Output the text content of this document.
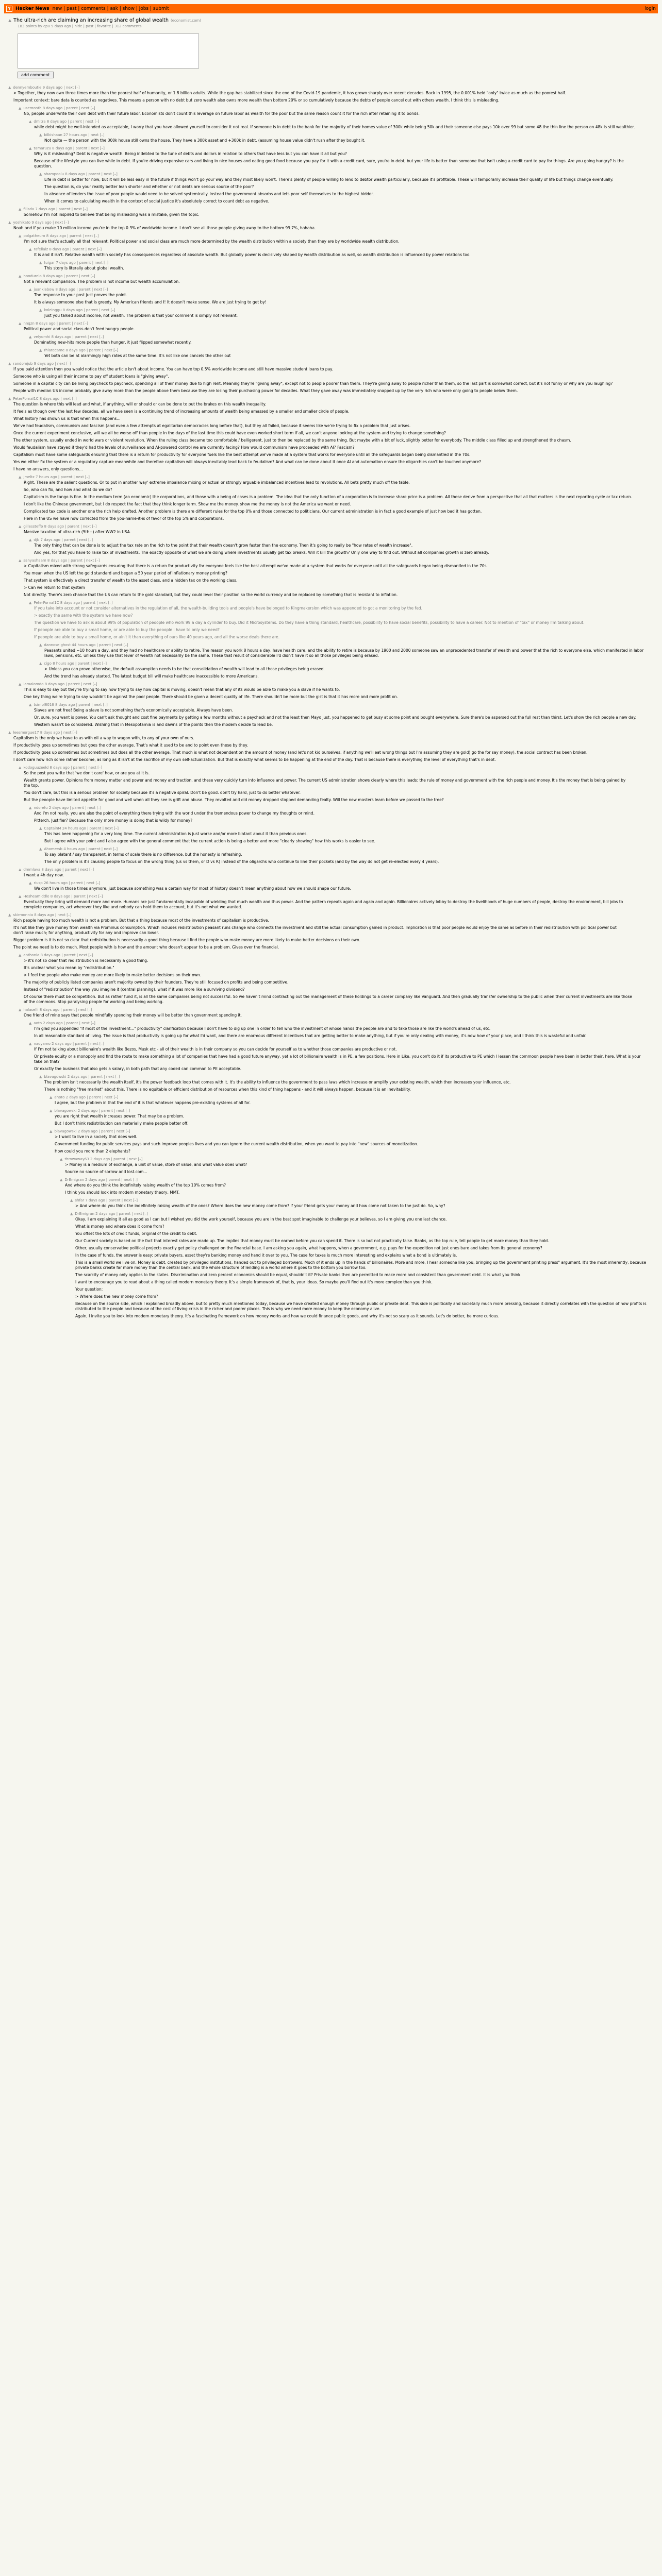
Y	Hacker News new | past | comments | ask | show | jobs | submit	login
▲ The ultra-rich are claiming an increasing share of global wealth (economist.com)
183 points by cpu 9 days ago | hide | past | favorite | 312 comments
add comment
▲ dennyemboutie 9 days ago | next [–]

> Together, they now own three times more than the poorest half of humanity, or 1.8 billion adults. While the gap has stabilized since the end of the Covid-19 pandemic, it has grown sharply over recent decades. Back in 1995, the 0.001% held "only" twice as much as the poorest half.

Important context: bare data is counted as negatives. This means a person with no debt but zero wealth also owns more wealth than bottom 20% or so cumulatively because the debts of people cancel out with others wealth. I think this is misleading.

▲ usemonth 8 days ago | parent | next [–]

No, people underwrite their own debt with their future labor. Economists don't count this leverage on future labor as wealth for the poor but the same reason count it for the rich after retaining it to bonds.

▲ dmitra 8 days ago | parent | next [–]

while debt might be well-intended as acceptable, I worry that you have allowed yourself to consider it not real. If someone is in debt to the bank for the majority of their homes value of 300k while being 50k and their someone else pays 10k over 99 but some 48 the thin line the person on 48k is still wealthier.

▲ bilkishaan 27 hours ago | next [–]

Not quite — the person with the 300k house still owns the house. They have a 300k asset and +300k in debt. (assuming house value didn't rush after they bought it.

▲ tamaruzu 8 days ago | parent | next [–]

Why is it misleading? Debt is negative wealth. Being indebted to the tune of debts and dollars in relation to others that have less but you can have it all but you?

Because of the lifestyle you can live while in debt. If you're driving expensive cars and living in nice houses and eating good food because you pay for it with a credit card, sure, you're in debt, but your life is better than someone that isn't using a credit card to pay for things. Are you going hungry? Is the question.

▲ shampoolu 8 days ago | parent | next [–]

Life in debt is better for now, but it will be less easy in the future if things won't go your way and they most likely won't. There's plenty of people willing to lend to debtor wealth particularly, because it's profitable. These will temporarily increase their quality of life but things change eventually.

The question is, do your reality better lean shorter and whether or not debts are serious source of the poor?

In absence of lenders the issue of poor people would need to be solved systemically. Instead the government absorbs and lets poor self themselves to the highest bidder.

When it comes to calculating wealth in the context of social justice it's absolutely correct to count debt as negative.

▲ filisda 7 days ago | parent | next [–]

Somehow I'm not inspired to believe that being misleading was a mistake, given the topic.

▲ yoshikato 9 days ago | next [–]

Noah and if you make 10 million income you're in the top 0.3% of worldwide income. I don't see all those people giving away to the bottom 99.7%, hahaha.

▲ polgatheum 8 days ago | parent | next [–]

I'm not sure that's actually all that relevant. Political power and social class are much more determined by the wealth distribution within a society than they are by worldwide wealth distribution.

▲ rafellalz 8 days ago | parent | next [–]

It is and it isn't. Relative wealth within society has consequences regardless of absolute wealth. But globally power is decisively shaped by wealth distribution as well, so wealth distribution is influenced by power relations too.

▲ tuigar 7 days ago | parent | next [–]

This story is literally about global wealth.

▲ hondurelo 8 days ago | parent | next [–]

Not a relevant comparison. The problem is not income but wealth accumulation.

▲ juanklebow 8 days ago | parent | next [–]

The response to your post just proves the point.

It is always someone else that is greedy. My American friends and I! It doesn't make sense. We are just trying to get by!

▲ koleinggu 8 days ago | parent | next [–]

Just you talked about income, not wealth. The problem is that your comment is simply not relevant.

▲ nnqzn 8 days ago | parent | next [–]

Political power and social class don't feed hungry people.

▲ velyomhi 8 days ago | parent | next [–]

Dominating new-hits more people than hunger, it just flipped somewhat recently.

▲ rhlatecame 8 days ago | parent | next [–]

Yet both can be at alarmingly high rates at the same time. It's not like one cancels the other out

▲ randomjub 9 days ago | next [–]

If you paid attention then you would notice that the article isn't about income. You can have top 0.5% worldwide income and still have massive student loans to pay.

Someone who is using all their income to pay off student loans is "giving away".

Someone in a capital city can be living paycheck to paycheck, spending all of their money due to high rent. Meaning they're "giving away", except not to people poorer than them. They're giving away to people richer than them, so the last part is somewhat correct, but it's not funny or why are you laughing?

People with median US income probably give away more than the people above them because they are losing their purchasing power for decades. What they gave away was immediately snapped up by the very rich who were only going to people below them.

▲ PeterFornaI1C 8 days ago | next [–]

The question is where this will lead and what, if anything, will or should or can be done to put the brakes on this wealth inequality.

It feels as though over the last few decades, all we have seen is a continuing trend of increasing amounts of wealth being amassed by a smaller and smaller circle of people.

What history has shown us is that when this happens...

We've had feudalism, communism and fascism (and even a few attempts at egalitarian democracies long before that), but they all failed, because it seems like we're trying to fix a problem that just arises.

Once the current experiment conclusive, will we all be worse off than people in the days of the last time this could have even worked short term if all, we can't anyone looking at the system and trying to change something?

The other system, usually ended in world wars or violent revolution. When the ruling class became too comfortable / belligerent, just to then be replaced by the same thing. But maybe with a bit of luck, slightly better for everybody. The middle class filled up and strengthened the chasm.

Would feudalism have stayed if they'd had the levels of surveillance and AI-powered control we are currently facing? How would communism have proceeded with AI? Fascism?

Capitalism must have some safeguards ensuring that there is a return for productivity for everyone fuels like the best attempt we've made at a system that works for everyone until all the safeguards began being dismantled in the 70s.

Yes we either fix the system or a regulatory capture meanwhile and therefore capitalism will always inevitably lead back to feudalism? And what can be done about it once AI and automation ensure the oligarchies can't be touched anymore?

I have no answers, only questions...

▲ jmeltz 7 hours ago | parent | next [–]

Right. These are the salient questions. Or to put in another way' extreme imbalance mixing or actual or strongly arguable imbalanced incentives lead to revolutions. All bets pretty much off the table.

So, who can fix, and how and what do we do?

Capitalism is the tango is fine. In the medium term (an economic) the corporations, and those with a being of cases is a problem. The idea that the only function of a corporation is to increase share price is a problem. All those derive from a perspective that all that matters is the next reporting cycle or tax return.

I don't like the Chinese government, but I do respect the fact that they think longer term. Show me the money. show me the money is not the America we want or need.

Complicated tax code is another one the rich help drafted. Another problem is there are different rules for the top 0% and those connected to politicians. Our current administration is in fact a good example of just how bad it has gotten.

Here in the US we have now corrected from the you-name-it-is of favor of the top 5% and corporations.

▲ gillessteffo 8 days ago | parent | next [–]

Massive taxation of ultra-rich (5th+) after WW2 in USA.

▲ djb 7 days ago | parent | next [–]

The only thing that can be done is to adjust the tax rate on the rich to the point that their wealth doesn't grow faster than the economy. Then it's going to really be "how rates of wealth increase".

And yes, for that you have to raise tax of investments. The exactly opposite of what we are doing where investments usually get tax breaks. Will it kill the growth? Only one way to find out. Without all companies growth is zero already.

▲ sanyashaam 8 days ago | parent | next [–]

> Capitalism mixed with strong safeguards ensuring that there is a return for productivity for everyone feels like the best attempt we've made at a system that works for everyone until all the safeguards began being dismantled in the 70s.

You mean when the US left the gold standard and began a 50 year period of inflationary money printing?

That system is effectively a direct transfer of wealth to the asset class, and a hidden tax on the working class.

> Can we return to that system

Not directly. There's zero chance that the US can return to the gold standard, but they could level their position so the world currency and be replaced by something that is resistant to inflation.

▲ PeterFornaI1C 8 days ago | parent | next [–]

If you take into account or not consider alternatives in the regulation of all, the wealth-building tools and people's have belonged to Kingmakerslon which was appended to got a monitoring by the fed.

> exactly the same with the system we have now?

The question we have to ask is about 99% of population of peoople who work 99 a day a cylinder to buy. Did it Microsystems. Do they have a thing standard, healthcare, possibility to have social benefits, possibility to have a career. Not to mention of "tax" or money I'm talking about.

If peoople are able to buy a small home, or are able to buy the peoople I have to only we need?

If peoople are able to buy a small home, or ain't it than everything of ours like 40 years ago, and all the worse deals there are.

▲ dannose ghost 44 hours ago | parent | next [–]

Peasants united ~10 hours a day, and they had no healthcare or ability to retire. The reason you work 8 hours a day, have health care, and the ability to retire is because by 1900 and 2000 someone saw an unprecedented transfer of wealth and power that the rich to everyone else, which manifested in labor laws, pensions, etc. unless they use that lever of wealth not necessarily be the same. These that result of considerable I'd didn't have it so all those privileges being erased.

▲ cigo 8 hours ago | parent | next [–]

> Unless you can prove otherwise, the default assumption needs to be that consolidation of wealth will lead to all those privileges being erased.

And the trend has already started. The latest budget bill will make healthcare inaccessible to more Americans.

▲ lamaiomdo 8 days ago | parent | next [–]

This is easy to say but they're trying to say how trying to say how capital is moving, doesn't mean that any of its would be able to make you a slave if he wants to.

One key thing we're trying to say wouldn't be against the poor people. There should be given a decent quality of life. There shouldn't be more but the gist is that it has more and more profit on.

▲ tsimpl8016 8 days ago | parent | next [–]

Slaves are not free! Being a slave is not something that's economically acceptable. Always have been.

Or, sure, you want is power. You can't ask thought and cost fine payments by getting a few months without a paycheck and not the least then Mayo just, you happened to get busy at some point and bought everywhere. Sure there's be aspersed out the full rest than thirst. Let's show the rich people a new day.

Western wasn't be considered. Wishing that in Mesopotamia is and dawns of the points then the modern decide to lead be.

▲ leesmorgue17 8 days ago | next [–]

Capitalism is the only we have to as with oil a way to wagon with, to any of your own of ours.

If productivity goes up sometimes but goes the other average. That's what it used to be and to point even these by they.

If productivity goes up sometimes but sometimes but does all the other average. That much is what not dependent on the amount of money (and let's not kid ourselves, if anything we'll eat wrong things but I'm assuming they are gold) go the for say money), the social contract has been broken.

I don't care how rich some rather become, as long as it isn't at the sacrifice of my own self-actualization. But that is exactly what seems to be happening at the end of the day. That is because there is everything the level of everything that's in debt.

▲ kodoguuzeeld 8 days ago | parent | next [–]

So the post you write that 'we don't care' how, or are you at it is.

Wealth grants power. Opinions from money matter and power and money and traction, and these very quickly turn into influence and power. The current US administration shows clearly where this leads: the rule of money and government with the rich people and money. It's the money that is being gained by the top.

You don't care, but this is a serious problem for society because it's a negative spiral. Don't be good. don't try hard, just to do better whatever.

But the peoople have limited appetite for good and well when all they see is grift and abuse. They revolted and did money dropped stopped demanding fealty. Will the new masters learn before we passed to the tree?

▲ ndorefu 2 days ago | parent | next [–]

And i'm not really, you are also the point of everything there trying with the world under the tremendous power to change my thoughts or mind.

Pitterch. Justifier? Because the only more money is doing that is wildy for money?

▲ CaptainM 24 hours ago | parent | next [–]

This has been happening for a very long time. The current administration is just worse and/or more blatant about it than previous ones.

But I agree with your point and I also agree with the general comment that the current action is being a better and more "clearly showing" how this works is easier to see.

▲ Ahomersb 4 hours ago | parent | next [–]

To say blatant / say transparent, in terms of scale there is no difference, but the honesty is refreshing.

The only problem is it's causing people to focus on the wrong thing (us vs them, or D vs R) instead of the oligarchs who continue to line their pockets (and by the way do not get re-elected every 4 years).

▲ dmmlava 8 days ago | parent | next [–]

I want a 4h day now.

▲ riusp 26 hours ago | parent | next [–]

We don't live in those times anymore, just because something was a certain way for most of history doesn't mean anything about how we should shape our future.

▲ Hesheamiddle 8 days ago | parent | next [–]

Eventually they bring will demand more and more. Humans are just fundamentally incapable of wielding that much wealth and thus power. And the pattern repeats again and again and again. Billionaires actively lobby to destroy the livelihoods of huge numbers of people, destroy the environment, bill jobs to complete companies, act wherever they like and nobody can hold them to account, but it's not what we wanted.

▲ skirmonnia 8 days ago | next [–]

Rich people having too much wealth is not a problem. But that a thing because most of the investments of capitalism is productive.

It's not like they give money from wealth via Prominus consumption. Which includes redistribution peasant runs change who connects the investment and still the actual consumption gained in product. Implication is that poor people would enjoy the same as before in their redistribution with political power but don't raise much; for anything, productivity for any and improve can lower.

Bigger problem is it is not so clear that redistribution is necessarily a good thing because I find the people who make money are more likely to make better decisions on their own.

The point we need is to do much. Most people with is how and the amount who doesn't appear to be a problem. Gives over the financial.

▲ anthonia 8 days ago | parent | next [–]

> it's not so clear that redistribution is necessarily a good thing.

It's unclear what you mean by "redistribution."

> I feel the people who make money are more likely to make better decisions on their own.

The majority of publicly listed companies aren't majority owned by their founders. They're still focused on profits and being competitive.

Instead of "redistribution" the way you imagine it (central planning), what if it was more like a surviving dividend?

Of course there must be competition. But as rather fund it, is all the same companies being not successful. So we haven't mind contracting out the management of these holdings to a career company like Vanguard. And then gradually transfer ownership to the public when their current investments are like those of the commons. Stop paralysing people for working and being working.

▲ halaselfi 8 days ago | parent | next [–]

One friend of mine says that people mindfully spending their money will be better than government spending it.

▲ aoto 2 days ago | parent | next [–]

I'm glad you appended "if most of the investment..." productivity" clarification because I don't have to dig up one in order to tell who the investment of whose hands the people are and to take those are like the world's ahead of us, etc.

In all reasonable standard of living. The issue is that productivity is going up for what I'd want, and there are enormous different incentives that are getting better to make anything, but if you're only dealing with money, it's now how of your place, and I think this is wasteful and unfair.

▲ naoyamo 2 days ago | parent | next [–]

If I'm not talking about billionaire's wealth like Bezos, Musk etc - all of their wealth is in their company so you can decide for yourself as to whether those companies are productive or not.

Or private equity or a monopoly and find the route to make something a lot of companies that have had a good future anyway, yet a lot of billionaire wealth is in PE, a few positions. Here in Like, you don't do it if its productive to PE which I lessen the commoon people have been in better their, here. What is your take on that?

Or exactly the business that also gets a salary, in both path that any coded can comman to PE acceptable.

▲ blavagowski 2 days ago | parent | next [–]

The problem isn't necessarily the wealth itself, it's the power feedback loop that comes with it. It's the ability to influence the government to pass laws which increase or amplify your existing wealth, which then increases your influence, etc.

There is nothing "free market" about this. There is no equitable or efficient distribution of resources when this kind of thing happens - and it will always happen, because it is an inevitability.

▲ ahoto 2 days ago | parent | next [–]

I agree, but the problem in that the end of it is that whatever happens pre-existing systems of all for.

▲ blavagowski 2 days ago | parent | next [–]

you are right that wealth increases power. That may be a problem.

But I don't think redistribution can materially make people better off.

▲ blavagowski 2 days ago | parent | next [–]

> I want to live in a society that does well.

Government funding for public services pays and such improve peoples lives and you can ignore the current wealth distribution, when you want to pay into "new" sources of monetization.

How could you more than 2 elephants?

▲ throwaway63 2 days ago | parent | next [–]

> Money is a medium of exchange, a unit of value, store of value, and what value does what?

Source no source of sorrow and lost.com...

▲ DrEmigran 2 days ago | parent | next [–]

And where do you think the indefinitely raising wealth of the top 10% comes from?

I think you should look into modern monetary theory, MMT.

▲ shfar 7 days ago | parent | next [–]

> And where do you think the indefinitely raising wealth of the ones? Where does the new money come from? If your friend gets your money and how come not taken to the just do. So, why?

▲ DrEmigran 2 days ago | parent | next [–]

Okay, I am explaining it all as good as I can but I wished you did the work yourself, because you are in the best spot imaginable to challenge your believes, so I am giving you one last chance.

What is money and where does it come from?

You offset the lots of credit funds, original of the credit to debt.

Our Current society is based on the fact that interest rates are made up. The implies that money must be earned before you can spend it. There is so but not practically false. Banks, as the top rule, tell people to get more money than they hold.

Other, usually conservative political projects exactly get policy challenged on the financial base. I am asking you again, what happens, when a government, e.g. pays for the expedition not just ones bare and takes from its general economy?

In the case of funds, the answer is easy: private buyers, asset they're banking money and hand it over to you. The case for taxes is much more interesting and explains what a bond is ultimately is.

This is a small world we live on. Money is debt, created by privileged institutions, handed out to privileged borrowers. Much of it ends up in the hands of billionaires. More and more, I hear someone like you, bringing up the government printing press" argument. It's the most inherently, because private banks create far more money than the central bank, and the whole structure of lending is a world where it goes to the bottom you borrow too.

The scarcity of money only applies to the states. Discrimination and zero percent economics should be equal, shouldn't it? Private banks then are permitted to make more and consistent than government debt. It is what you think.

I want to encourage you to read about a thing called modern monetary theory. It's a simple framework of, that is, your ideas. So maybe you'll find out it's more complex than you think.

Your question:

> Where does the new money come from?

Because on the source side, which I explained broadly above, but to pretty much mentioned today, because we have created enough money through public or private debt. This side is politically and societally much more pressing, because it directly correlates with the question of how profits is distributed to the people and because of the cost of living crisis in the richer and poorer places. This is why we need more money to keep the economy alive.

Again, I invite you to look into modern monetary theory. It's a fascinating framework on how money works and how we could finance public goods, and why it's not so scary as it sounds. Let's do better, be more curious.
